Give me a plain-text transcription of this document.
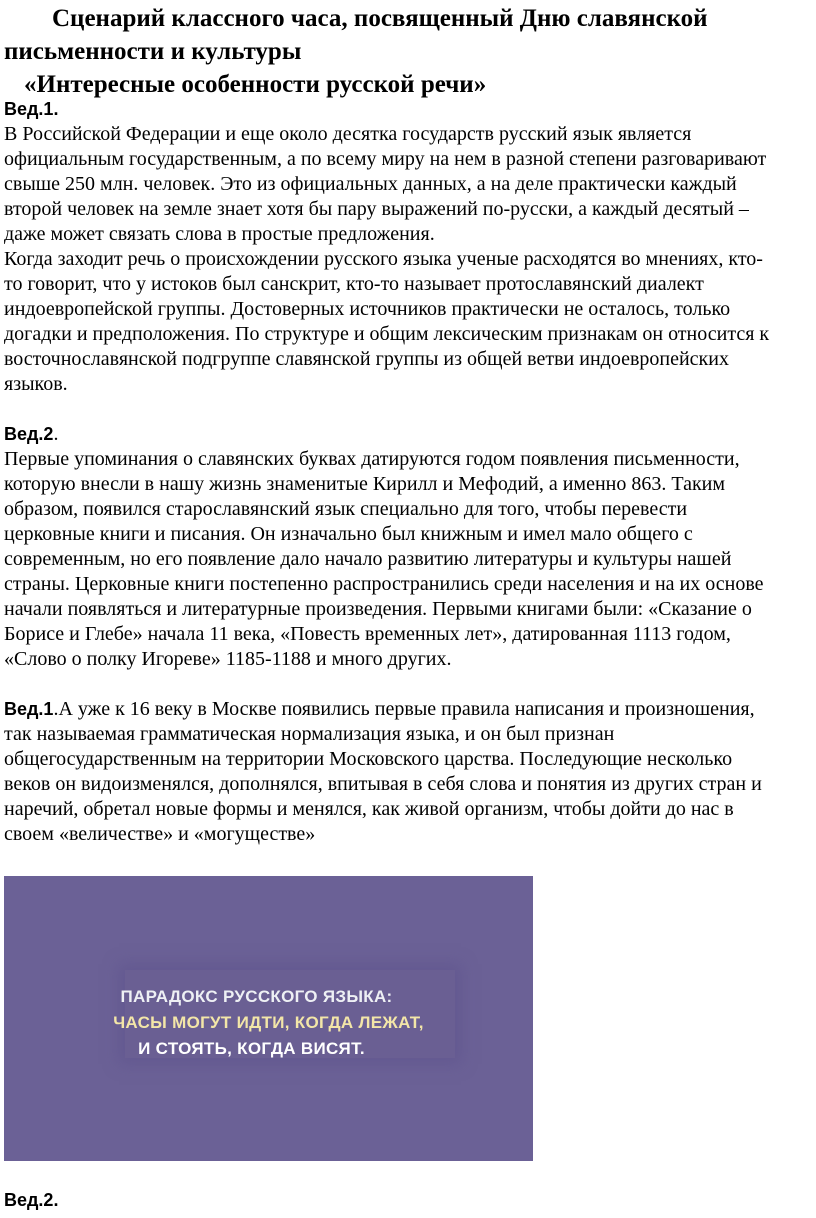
Сценарий классного часа, посвященный Дню славянской
письменности и культуры
«Интересные особенности русской речи»
Вед.1.
В Российской Федерации и еще около десятка государств русский язык является
официальным государственным, а по всему миру на нем в разной степени разговаривают
свыше 250 млн. человек. Это из официальных данных, а на деле практически каждый
второй человек на земле знает хотя бы пару выражений по-русски, а каждый десятый –
даже может связать слова в простые предложения.
Когда заходит речь о происхождении русского языка ученые расходятся во мнениях, кто-
то говорит, что у истоков был санскрит, кто-то называет протославянский диалект
индоевропейской группы. Достоверных источников практически не осталось, только
догадки и предположения. По структуре и общим лексическим признакам он относится к
восточнославянской подгруппе славянской группы из общей ветви индоевропейских
языков.
Вед.2.
Первые упоминания о славянских буквах датируются годом появления письменности,
которую внесли в нашу жизнь знаменитые Кирилл и Мефодий, а именно 863. Таким
образом, появился старославянский язык специально для того, чтобы перевести
церковные книги и писания. Он изначально был книжным и имел мало общего с
современным, но его появление дало начало развитию литературы и культуры нашей
страны. Церковные книги постепенно распространились среди населения и на их основе
начали появляться и литературные произведения. Первыми книгами были: «Сказание о
Борисе и Глебе» начала 11 века, «Повесть временных лет», датированная 1113 годом,
«Слово о полку Игореве» 1185-1188 и много других.
Вед.1.А уже к 16 веку в Москве появились первые правила написания и произношения,
так называемая грамматическая нормализация языка, и он был признан
общегосударственным на территории Московского царства. Последующие несколько
веков он видоизменялся, дополнялся, впитывая в себя слова и понятия из других стран и
наречий, обретал новые формы и менялся, как живой организм, чтобы дойти до нас в
своем «величестве» и «могуществе»
ПАРАДОКС РУССКОГО ЯЗЫКА:
ЧАСЫ МОГУТ ИДТИ, КОГДА ЛЕЖАТ,
И СТОЯТЬ, КОГДА ВИСЯТ.
Вед.2.
